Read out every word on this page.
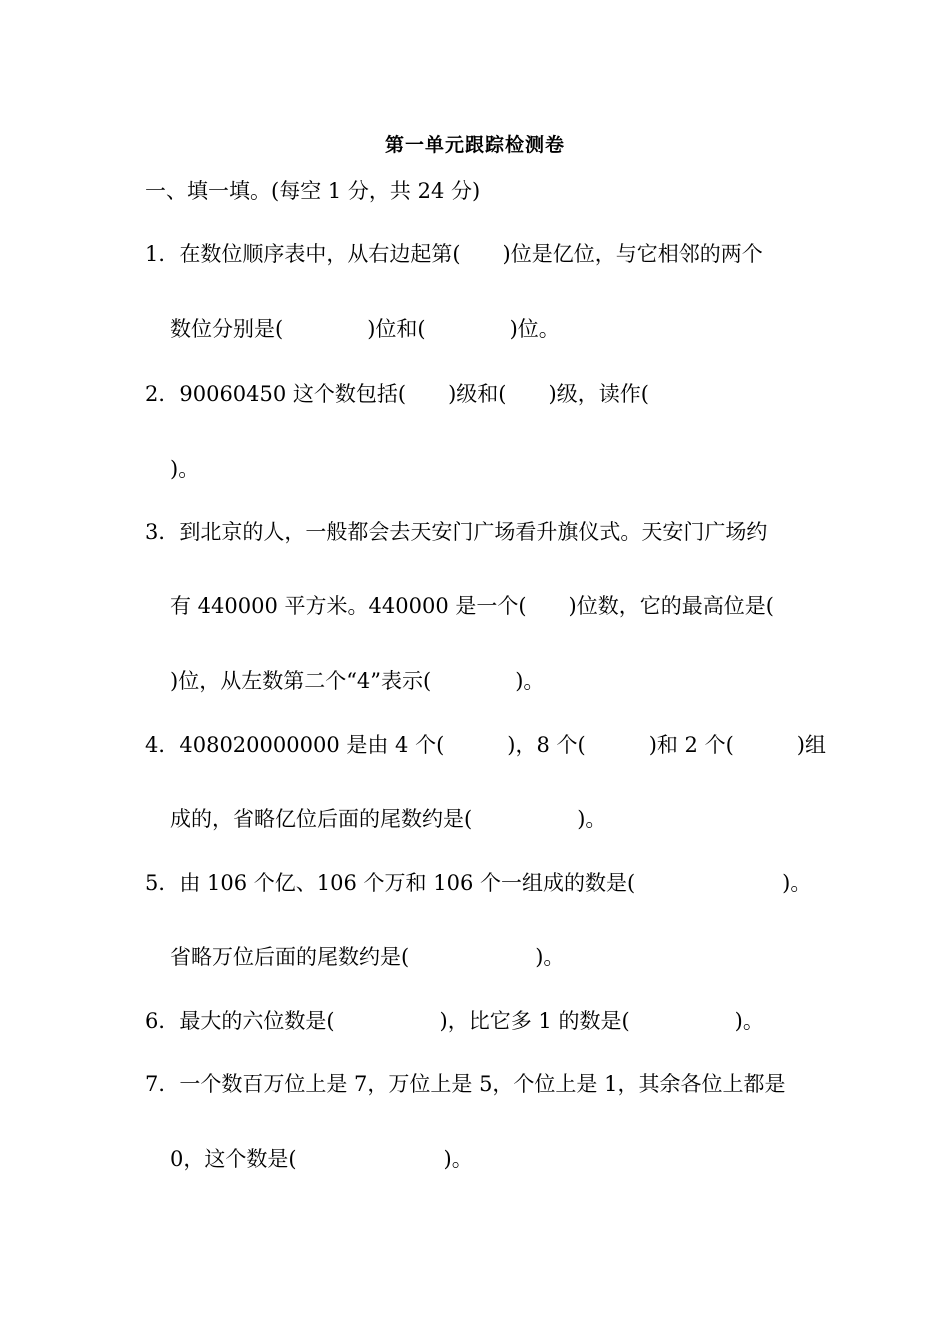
第一单元跟踪检测卷
一、填一填。(每空 1 分，共 24 分)
1．在数位顺序表中，从右边起第(　　)位是亿位，与它相邻的两个
数位分别是(　　　　)位和(　　　　)位。
2．90060450 这个数包括(　　)级和(　　)级，读作(
)。
3．到北京的人，一般都会去天安门广场看升旗仪式。天安门广场约
有 440000 平方米。440000 是一个(　　)位数，它的最高位是(
)位，从左数第二个“4”表示(　　　　)。
4．408020000000 是由 4 个(　　　)，8 个(　　　)和 2 个(　　　)组
成的，省略亿位后面的尾数约是(　　　　　)。
5．由 106 个亿、106 个万和 106 个一组成的数是(　　　　　　　)。
省略万位后面的尾数约是(　　　　　　)。
6．最大的六位数是(　　　　　)，比它多 1 的数是(　　　　　)。
7．一个数百万位上是 7，万位上是 5，个位上是 1，其余各位上都是
0，这个数是(　　　　　　　)。
